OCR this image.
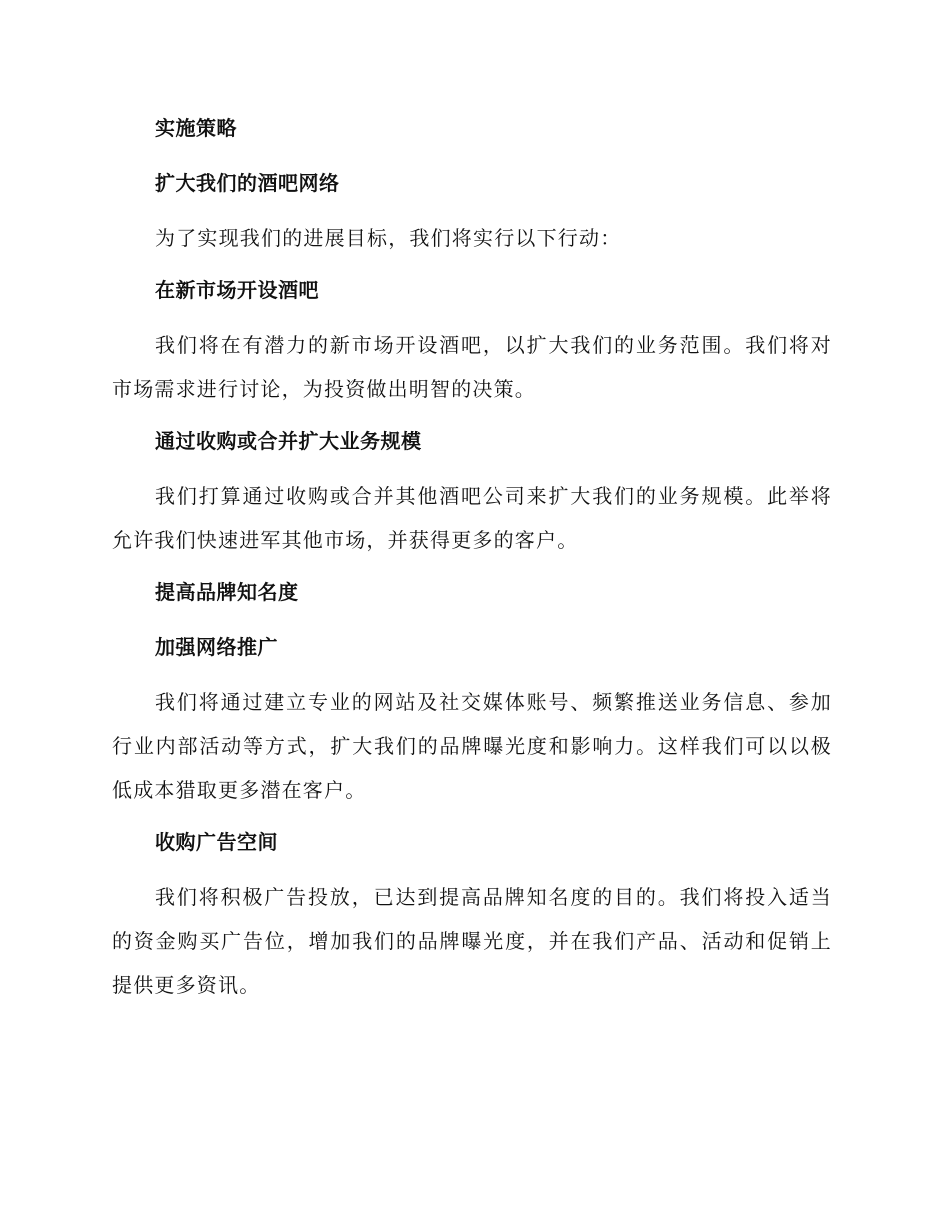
实施策略
扩大我们的酒吧网络
为了实现我们的进展目标，我们将实行以下行动：
在新市场开设酒吧
我们将在有潜力的新市场开设酒吧，以扩大我们的业务范围。我们将对市场需求进行讨论，为投资做出明智的决策。
通过收购或合并扩大业务规模
我们打算通过收购或合并其他酒吧公司来扩大我们的业务规模。此举将允许我们快速进军其他市场，并获得更多的客户。
提高品牌知名度
加强网络推广
我们将通过建立专业的网站及社交媒体账号、频繁推送业务信息、参加行业内部活动等方式，扩大我们的品牌曝光度和影响力。这样我们可以以极低成本猎取更多潜在客户。
收购广告空间
我们将积极广告投放，已达到提高品牌知名度的目的。我们将投入适当的资金购买广告位，增加我们的品牌曝光度，并在我们产品、活动和促销上提供更多资讯。
